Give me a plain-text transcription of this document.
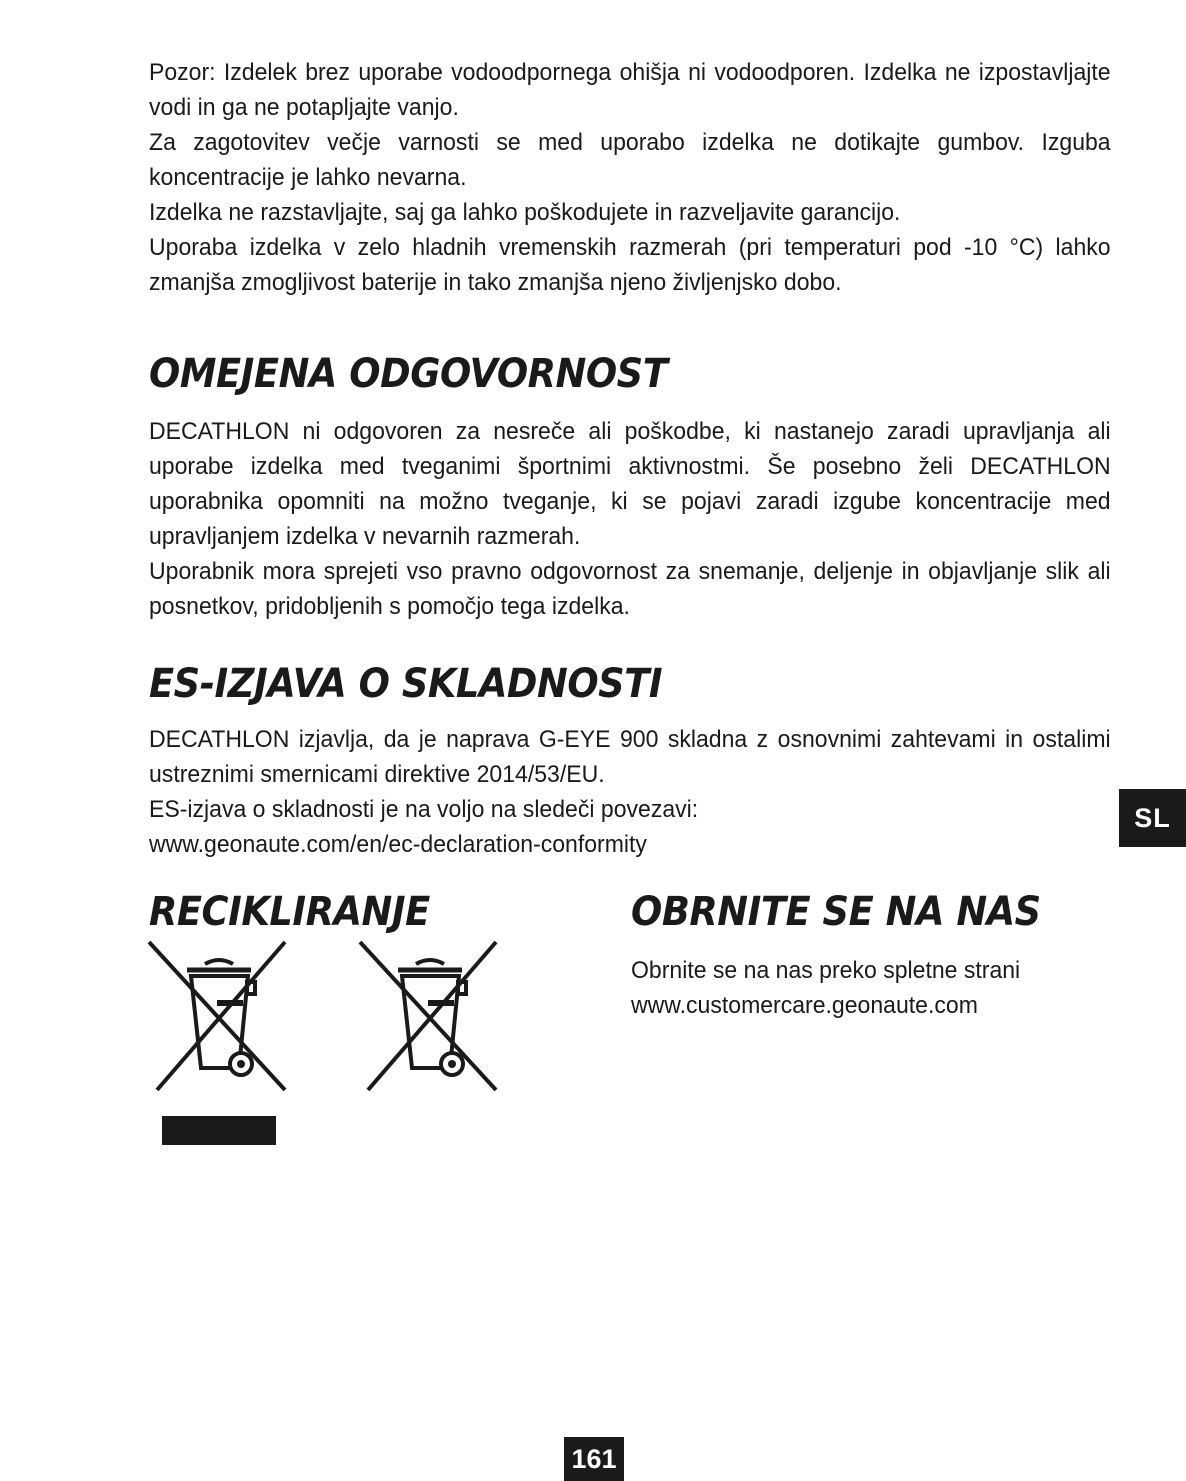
Pozor: Izdelek brez uporabe vodoodpornega ohišja ni vodoodporen. Izdelka ne izpostavljajte vodi in ga ne potapljajte vanjo.

Za zagotovitev večje varnosti se med uporabo izdelka ne dotikajte gumbov. Izguba koncentracije je lahko nevarna.

Izdelka ne razstavljajte, saj ga lahko poškodujete in razveljavite garancijo.

Uporaba izdelka v zelo hladnih vremenskih razmerah (pri temperaturi pod -10 °C) lahko zmanjša zmogljivost baterije in tako zmanjša njeno življenjsko dobo.

OMEJENA ODGOVORNOST

DECATHLON ni odgovoren za nesreče ali poškodbe, ki nastanejo zaradi upravljanja ali uporabe izdelka med tveganimi športnimi aktivnostmi. Še posebno želi DECATHLON uporabnika opomniti na možno tveganje, ki se pojavi zaradi izgube koncentracije med upravljanjem izdelka v nevarnih razmerah.

Uporabnik mora sprejeti vso pravno odgovornost za snemanje, deljenje in objavljanje slik ali posnetkov, pridobljenih s pomočjo tega izdelka.

ES-IZJAVA O SKLADNOSTI

DECATHLON izjavlja, da je naprava G-EYE 900 skladna z osnovnimi zahtevami in ostalimi ustreznimi smernicami direktive 2014/53/EU.

ES-izjava o skladnosti je na voljo na sledeči povezavi:

www.geonaute.com/en/ec-declaration-conformity

SL
RECIKLIRANJE	OBRNITE SE NA NAS

Obrnite se na nas preko spletne strani

www.customercare.geonaute.com

161
